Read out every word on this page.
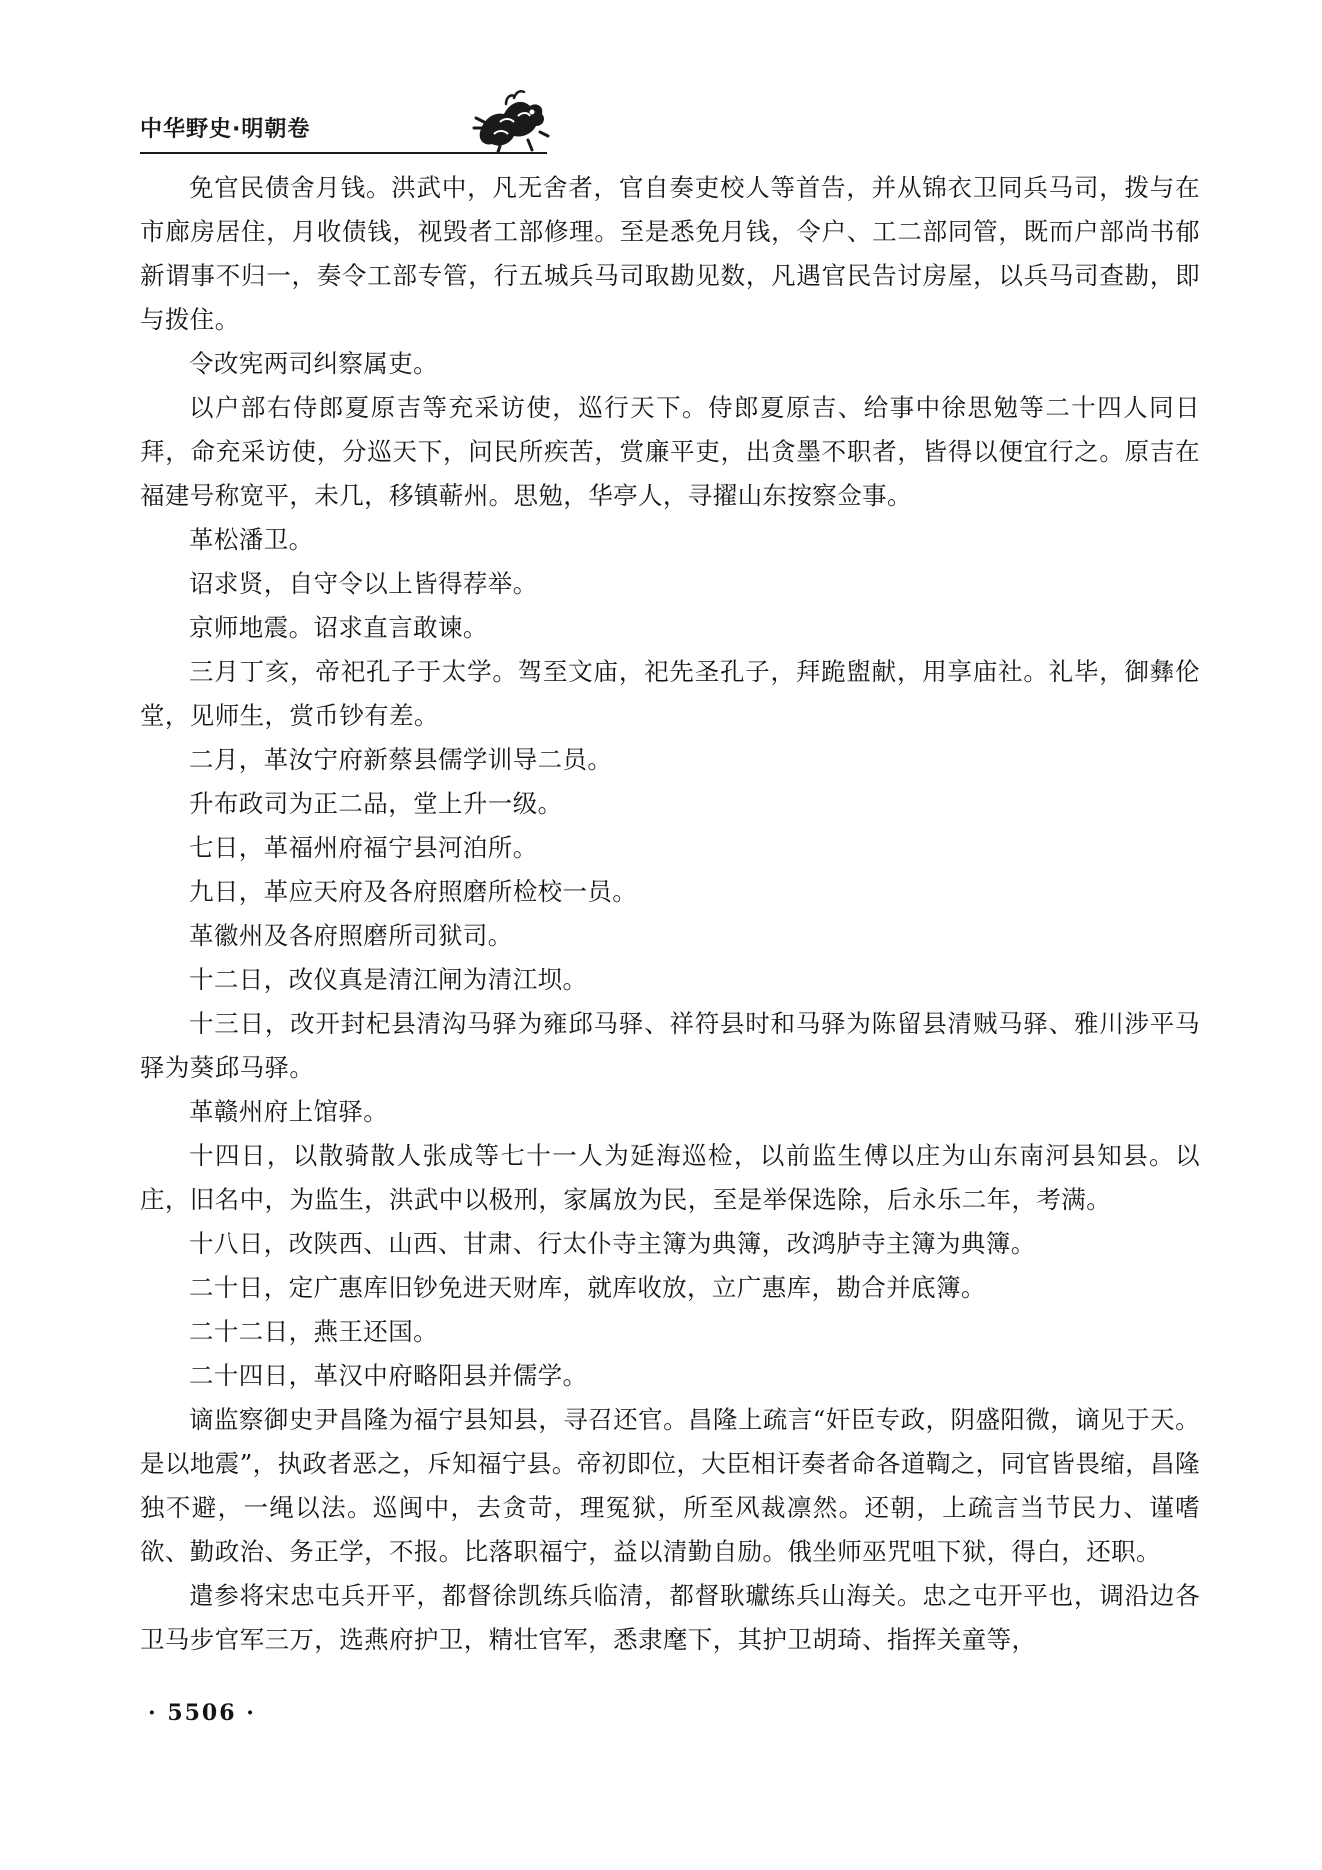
中华野史·明朝卷

免官民债舍月钱。洪武中，凡无舍者，官自奏吏校人等首告，并从锦衣卫同兵马司，拨与在市廊房居住，月收债钱，视毁者工部修理。至是悉免月钱，令户、工二部同管，既而户部尚书郁新谓事不归一，奏令工部专管，行五城兵马司取勘见数，凡遇官民告讨房屋，以兵马司查勘，即与拨住。

令改宪两司纠察属吏。

以户部右侍郎夏原吉等充采访使，巡行天下。侍郎夏原吉、给事中徐思勉等二十四人同日拜，命充采访使，分巡天下，问民所疾苦，赏廉平吏，出贪墨不职者，皆得以便宜行之。原吉在福建号称宽平，未几，移镇蕲州。思勉，华亭人，寻擢山东按察佥事。

革松潘卫。

诏求贤，自守令以上皆得荐举。

京师地震。诏求直言敢谏。

三月丁亥，帝祀孔子于太学。驾至文庙，祀先圣孔子，拜跪盥献，用享庙社。礼毕，御彝伦堂，见师生，赏币钞有差。

二月，革汝宁府新蔡县儒学训导二员。

升布政司为正二品，堂上升一级。

七日，革福州府福宁县河泊所。

九日，革应天府及各府照磨所检校一员。

革徽州及各府照磨所司狱司。

十二日，改仪真是清江闸为清江坝。

十三日，改开封杞县清沟马驿为雍邱马驿、祥符县时和马驿为陈留县清贼马驿、雅川涉平马驿为葵邱马驿。

革赣州府上馆驿。

十四日，以散骑散人张成等七十一人为延海巡检，以前监生傅以庄为山东南河县知县。以庄，旧名中，为监生，洪武中以极刑，家属放为民，至是举保选除，后永乐二年，考满。

十八日，改陕西、山西、甘肃、行太仆寺主簿为典簿，改鸿胪寺主簿为典簿。

二十日，定广惠库旧钞免进天财库，就库收放，立广惠库，勘合并底簿。

二十二日，燕王还国。

二十四日，革汉中府略阳县并儒学。

谪监察御史尹昌隆为福宁县知县，寻召还官。昌隆上疏言“奸臣专政，阴盛阳微，谪见于天。是以地震”，执政者恶之，斥知福宁县。帝初即位，大臣相讦奏者命各道鞫之，同官皆畏缩，昌隆独不避，一绳以法。巡闽中，去贪苛，理冤狱，所至风裁凛然。还朝，上疏言当节民力、谨嗜欲、勤政治、务正学，不报。比落职福宁，益以清勤自励。俄坐师巫咒咀下狱，得白，还职。

遣参将宋忠屯兵开平，都督徐凯练兵临清，都督耿瓛练兵山海关。忠之屯开平也，调沿边各卫马步官军三万，选燕府护卫，精壮官军，悉隶麾下，其护卫胡琦、指挥关童等，

· 5506 ·
